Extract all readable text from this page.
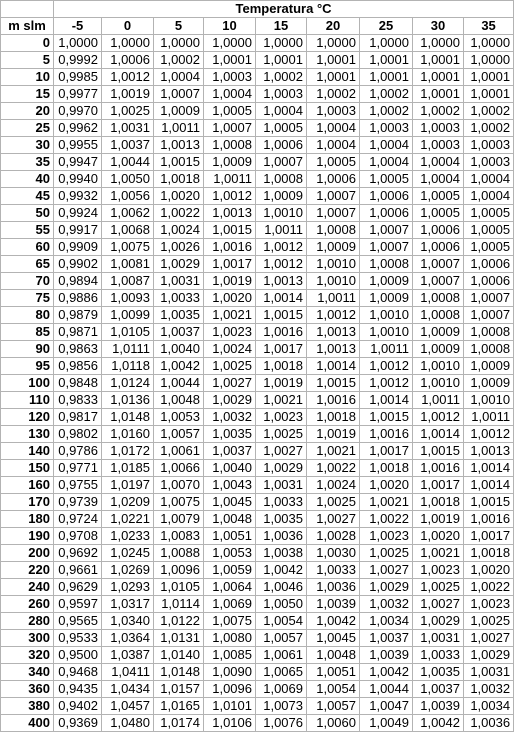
	Temperatura °C								
m slm	-5	0	5	10	15	20	25	30	35
0	1,0000	1,0000	1,0000	1,0000	1,0000	1,0000	1,0000	1,0000	1,0000
5	0,9992	1,0006	1,0002	1,0001	1,0001	1,0001	1,0001	1,0001	1,0000
10	0,9985	1,0012	1,0004	1,0003	1,0002	1,0001	1,0001	1,0001	1,0001
15	0,9977	1,0019	1,0007	1,0004	1,0003	1,0002	1,0002	1,0001	1,0001
20	0,9970	1,0025	1,0009	1,0005	1,0004	1,0003	1,0002	1,0002	1,0002
25	0,9962	1,0031	1,0011	1,0007	1,0005	1,0004	1,0003	1,0003	1,0002
30	0,9955	1,0037	1,0013	1,0008	1,0006	1,0004	1,0004	1,0003	1,0003
35	0,9947	1,0044	1,0015	1,0009	1,0007	1,0005	1,0004	1,0004	1,0003
40	0,9940	1,0050	1,0018	1,0011	1,0008	1,0006	1,0005	1,0004	1,0004
45	0,9932	1,0056	1,0020	1,0012	1,0009	1,0007	1,0006	1,0005	1,0004
50	0,9924	1,0062	1,0022	1,0013	1,0010	1,0007	1,0006	1,0005	1,0005
55	0,9917	1,0068	1,0024	1,0015	1,0011	1,0008	1,0007	1,0006	1,0005
60	0,9909	1,0075	1,0026	1,0016	1,0012	1,0009	1,0007	1,0006	1,0005
65	0,9902	1,0081	1,0029	1,0017	1,0012	1,0010	1,0008	1,0007	1,0006
70	0,9894	1,0087	1,0031	1,0019	1,0013	1,0010	1,0009	1,0007	1,0006
75	0,9886	1,0093	1,0033	1,0020	1,0014	1,0011	1,0009	1,0008	1,0007
80	0,9879	1,0099	1,0035	1,0021	1,0015	1,0012	1,0010	1,0008	1,0007
85	0,9871	1,0105	1,0037	1,0023	1,0016	1,0013	1,0010	1,0009	1,0008
90	0,9863	1,0111	1,0040	1,0024	1,0017	1,0013	1,0011	1,0009	1,0008
95	0,9856	1,0118	1,0042	1,0025	1,0018	1,0014	1,0012	1,0010	1,0009
100	0,9848	1,0124	1,0044	1,0027	1,0019	1,0015	1,0012	1,0010	1,0009
110	0,9833	1,0136	1,0048	1,0029	1,0021	1,0016	1,0014	1,0011	1,0010
120	0,9817	1,0148	1,0053	1,0032	1,0023	1,0018	1,0015	1,0012	1,0011
130	0,9802	1,0160	1,0057	1,0035	1,0025	1,0019	1,0016	1,0014	1,0012
140	0,9786	1,0172	1,0061	1,0037	1,0027	1,0021	1,0017	1,0015	1,0013
150	0,9771	1,0185	1,0066	1,0040	1,0029	1,0022	1,0018	1,0016	1,0014
160	0,9755	1,0197	1,0070	1,0043	1,0031	1,0024	1,0020	1,0017	1,0014
170	0,9739	1,0209	1,0075	1,0045	1,0033	1,0025	1,0021	1,0018	1,0015
180	0,9724	1,0221	1,0079	1,0048	1,0035	1,0027	1,0022	1,0019	1,0016
190	0,9708	1,0233	1,0083	1,0051	1,0036	1,0028	1,0023	1,0020	1,0017
200	0,9692	1,0245	1,0088	1,0053	1,0038	1,0030	1,0025	1,0021	1,0018
220	0,9661	1,0269	1,0096	1,0059	1,0042	1,0033	1,0027	1,0023	1,0020
240	0,9629	1,0293	1,0105	1,0064	1,0046	1,0036	1,0029	1,0025	1,0022
260	0,9597	1,0317	1,0114	1,0069	1,0050	1,0039	1,0032	1,0027	1,0023
280	0,9565	1,0340	1,0122	1,0075	1,0054	1,0042	1,0034	1,0029	1,0025
300	0,9533	1,0364	1,0131	1,0080	1,0057	1,0045	1,0037	1,0031	1,0027
320	0,9500	1,0387	1,0140	1,0085	1,0061	1,0048	1,0039	1,0033	1,0029
340	0,9468	1,0411	1,0148	1,0090	1,0065	1,0051	1,0042	1,0035	1,0031
360	0,9435	1,0434	1,0157	1,0096	1,0069	1,0054	1,0044	1,0037	1,0032
380	0,9402	1,0457	1,0165	1,0101	1,0073	1,0057	1,0047	1,0039	1,0034
400	0,9369	1,0480	1,0174	1,0106	1,0076	1,0060	1,0049	1,0042	1,0036
